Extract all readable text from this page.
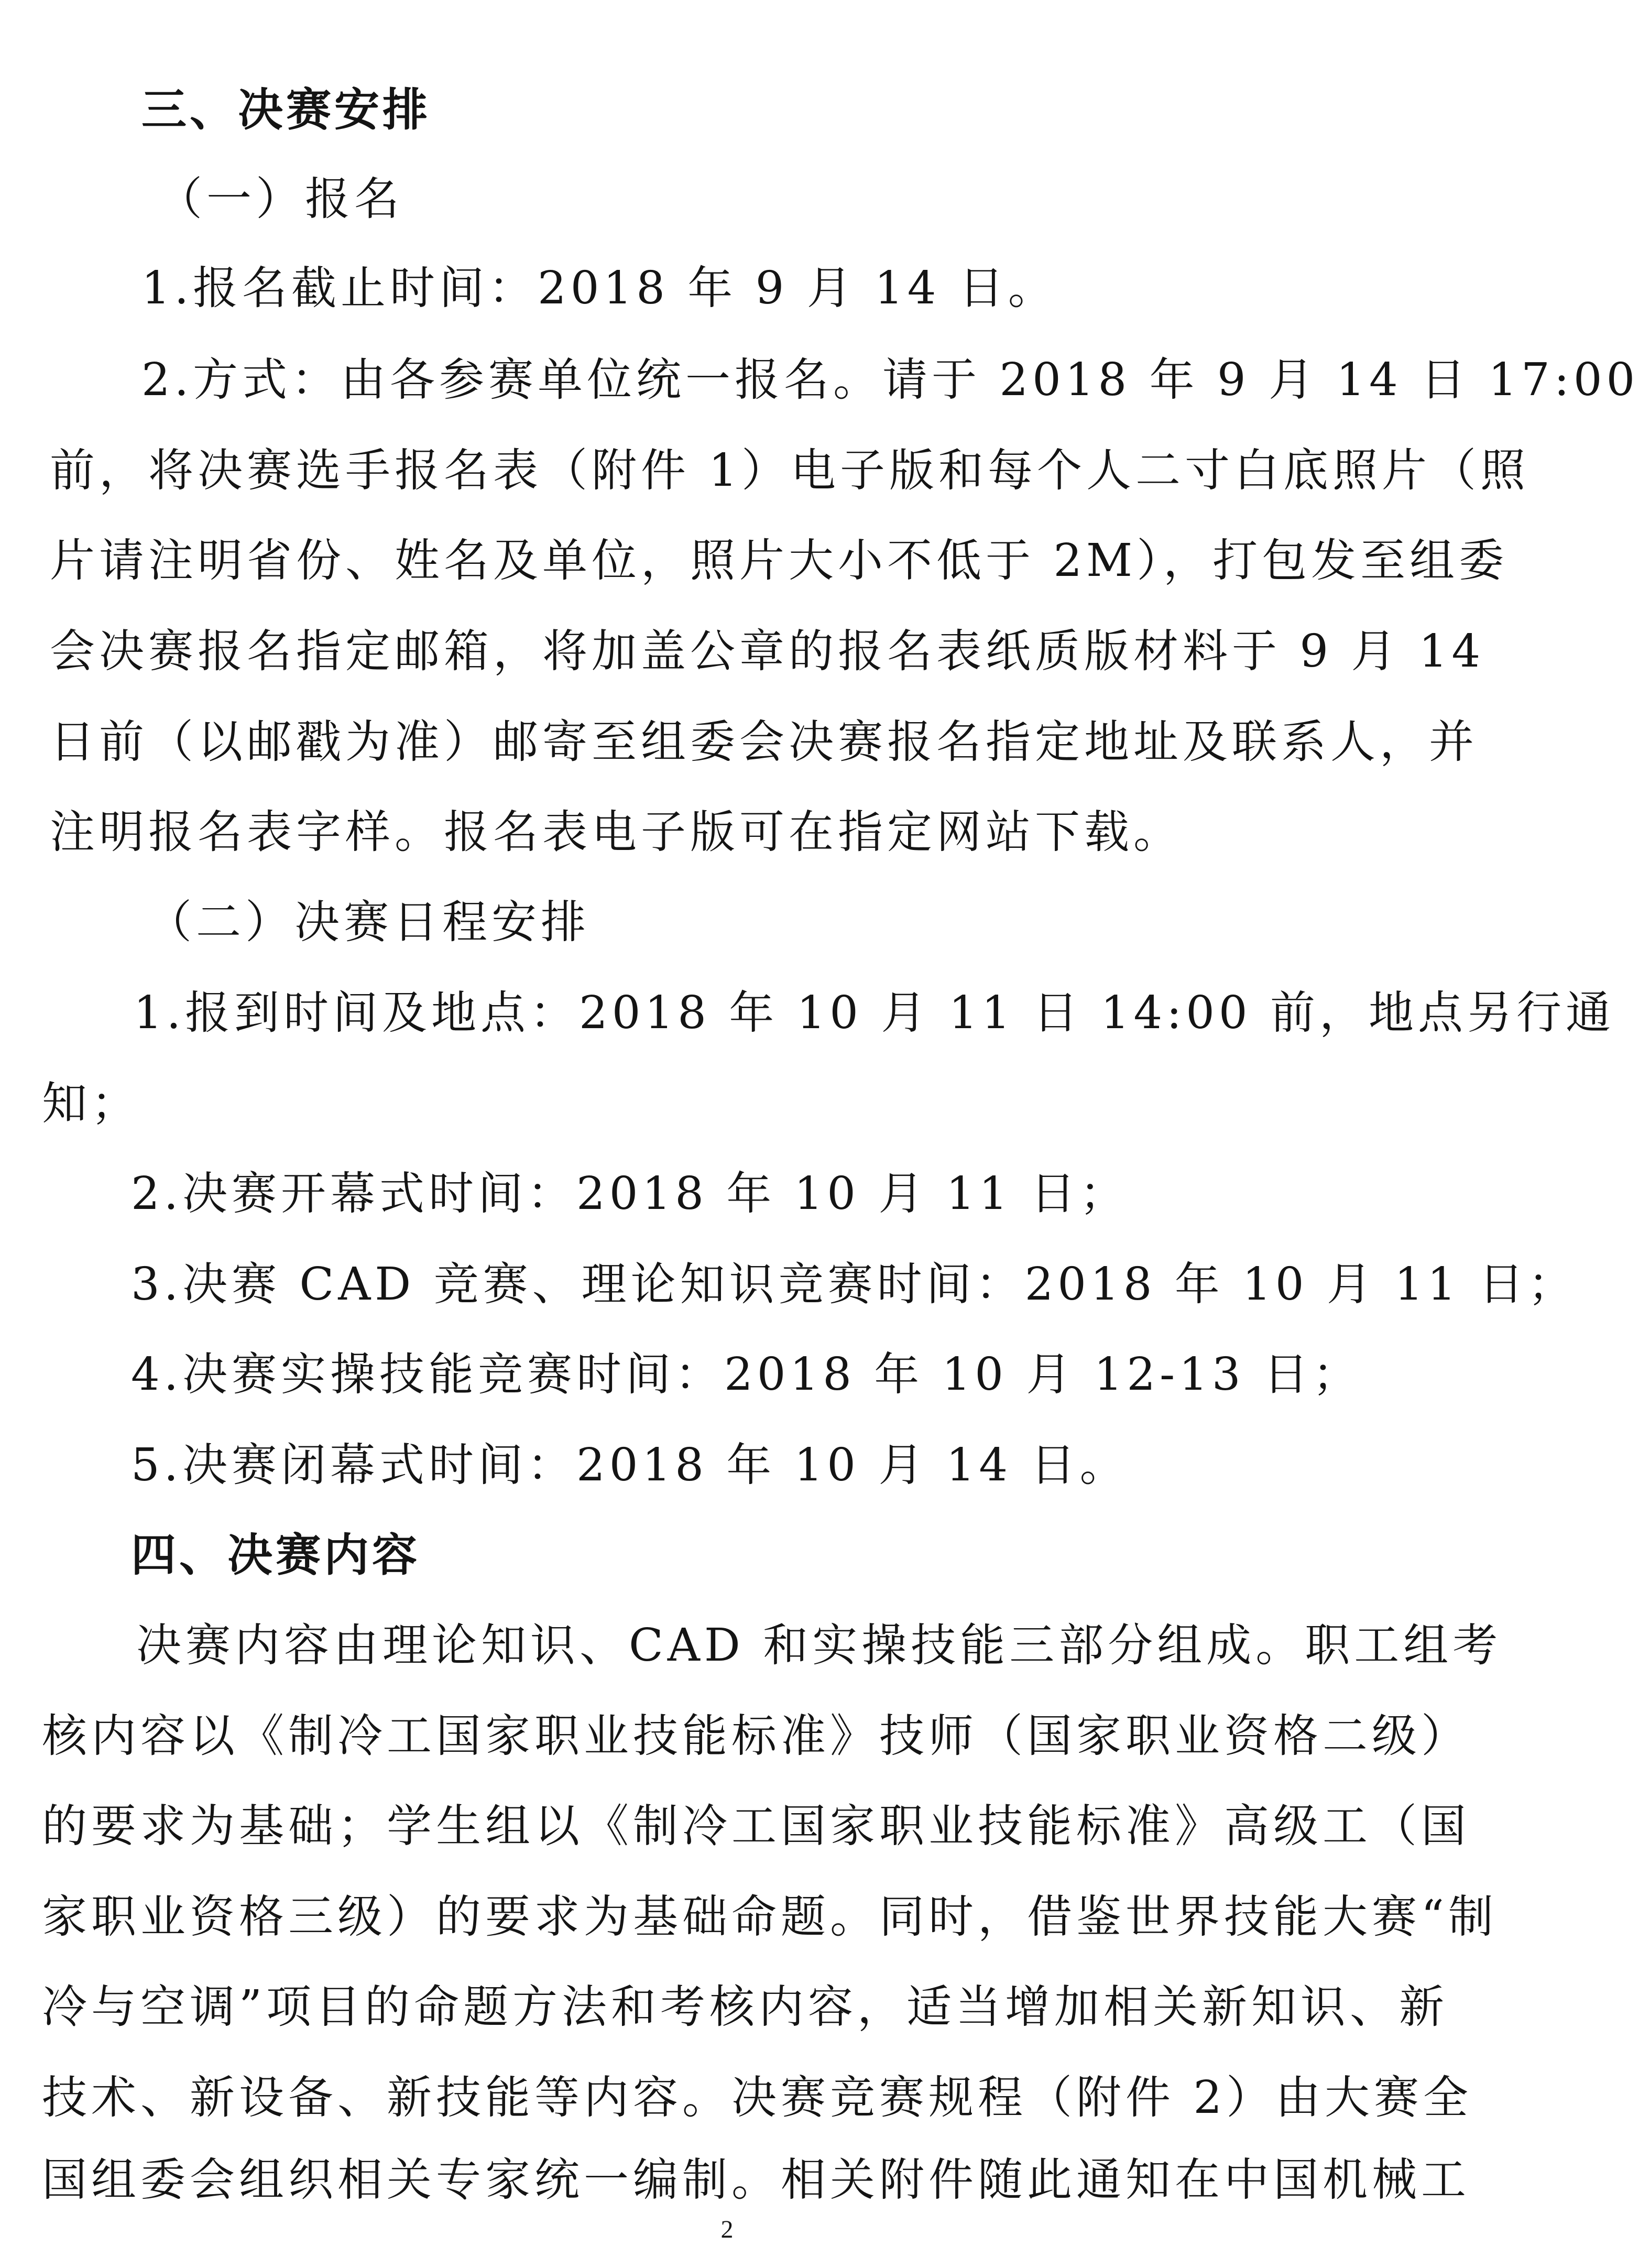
三、决赛安排
（一）报名
1.报名截止时间：2018 年 9 月 14 日。
2.方式：由各参赛单位统一报名。请于 2018 年 9 月 14 日 17:00
前，将决赛选手报名表（附件 1）电子版和每个人二寸白底照片（照
片请注明省份、姓名及单位，照片大小不低于 2M），打包发至组委
会决赛报名指定邮箱，将加盖公章的报名表纸质版材料于 9 月 14
日前（以邮戳为准）邮寄至组委会决赛报名指定地址及联系人，并
注明报名表字样。报名表电子版可在指定网站下载。
（二）决赛日程安排
1.报到时间及地点：2018 年 10 月 11 日 14:00 前，地点另行通
知；
2.决赛开幕式时间：2018 年 10 月 11 日；
3.决赛 CAD 竞赛、理论知识竞赛时间：2018 年 10 月 11 日；
4.决赛实操技能竞赛时间：2018 年 10 月 12-13 日；
5.决赛闭幕式时间：2018 年 10 月 14 日。
四、决赛内容
决赛内容由理论知识、CAD 和实操技能三部分组成。职工组考
核内容以《制冷工国家职业技能标准》技师（国家职业资格二级）
的要求为基础；学生组以《制冷工国家职业技能标准》高级工（国
家职业资格三级）的要求为基础命题。同时，借鉴世界技能大赛“制
冷与空调”项目的命题方法和考核内容，适当增加相关新知识、新
技术、新设备、新技能等内容。决赛竞赛规程（附件 2）由大赛全
国组委会组织相关专家统一编制。相关附件随此通知在中国机械工
2
